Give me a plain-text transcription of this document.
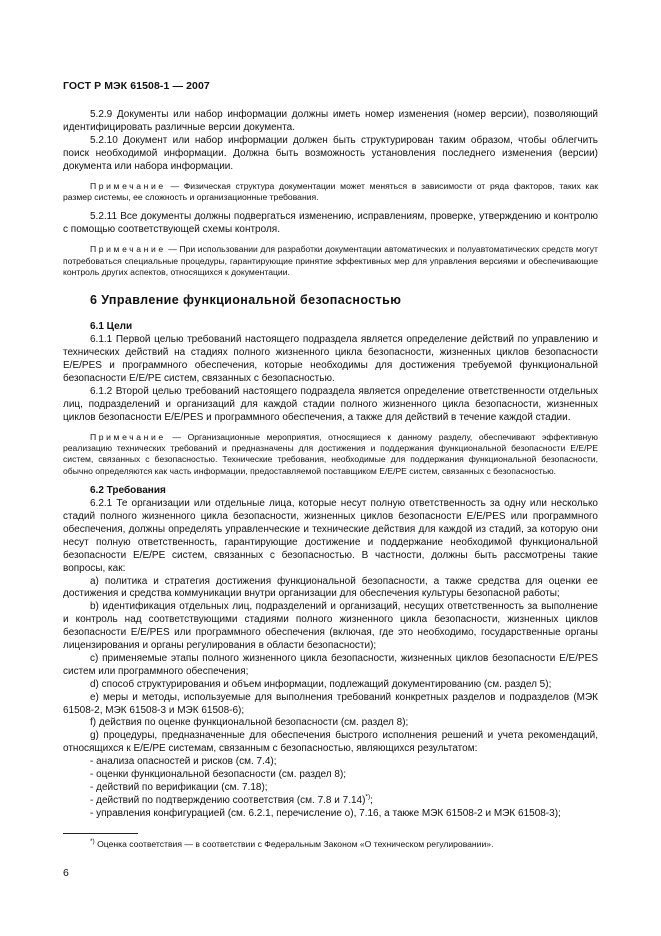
ГОСТ Р МЭК 61508-1 — 2007

5.2.9 Документы или набор информации должны иметь номер изменения (номер версии), позволяющий идентифицировать различные версии документа.

5.2.10 Документ или набор информации должен быть структурирован таким образом, чтобы облегчить поиск необходимой информации. Должна быть возможность установления последнего изменения (версии) документа или набора информации.

Примечание — Физическая структура документации может меняться в зависимости от ряда факторов, таких как размер системы, ее сложность и организационные требования.

5.2.11 Все документы должны подвергаться изменению, исправлениям, проверке, утверждению и контролю с помощью соответствующей схемы контроля.

Примечание — При использовании для разработки документации автоматических и полуавтоматических средств могут потребоваться специальные процедуры, гарантирующие принятие эффективных мер для управления версиями и обеспечивающие контроль других аспектов, относящихся к документации.

6 Управление функциональной безопасностью

6.1 Цели

6.1.1 Первой целью требований настоящего подраздела является определение действий по управлению и технических действий на стадиях полного жизненного цикла безопасности, жизненных циклов безопасности E/E/PES и программного обеспечения, которые необходимы для достижения требуемой функциональной безопасности E/E/PE систем, связанных с безопасностью.

6.1.2 Второй целью требований настоящего подраздела является определение ответственности отдельных лиц, подразделений и организаций для каждой стадии полного жизненного цикла безопасности, жизненных циклов безопасности E/E/PES и программного обеспечения, а также для действий в течение каждой стадии.

Примечание — Организационные мероприятия, относящиеся к данному разделу, обеспечивают эффективную реализацию технических требований и предназначены для достижения и поддержания функциональной безопасности E/E/PE систем, связанных с безопасностью. Технические требования, необходимые для поддержания функциональной безопасности, обычно определяются как часть информации, предоставляемой поставщиком E/E/PE систем, связанных с безопасностью.

6.2 Требования

6.2.1 Те организации или отдельные лица, которые несут полную ответственность за одну или несколько стадий полного жизненного цикла безопасности, жизненных циклов безопасности E/E/PES или программного обеспечения, должны определять управленческие и технические действия для каждой из стадий, за которую они несут полную ответственность, гарантирующие достижение и поддержание необходимой функциональной безопасности E/E/PE систем, связанных с безопасностью. В частности, должны быть рассмотрены такие вопросы, как:

a) политика и стратегия достижения функциональной безопасности, а также средства для оценки ее достижения и средства коммуникации внутри организации для обеспечения культуры безопасной работы;

b) идентификация отдельных лиц, подразделений и организаций, несущих ответственность за выполнение и контроль над соответствующими стадиями полного жизненного цикла безопасности, жизненных циклов безопасности E/E/PES или программного обеспечения (включая, где это необходимо, государственные органы лицензирования и органы регулирования в области безопасности);

c) применяемые этапы полного жизненного цикла безопасности, жизненных циклов безопасности E/E/PES систем или программного обеспечения;

d) способ структурирования и объем информации, подлежащий документированию (см. раздел 5);

e) меры и методы, используемые для выполнения требований конкретных разделов и подразделов (МЭК 61508-2, МЭК 61508-3 и МЭК 61508-6);

f) действия по оценке функциональной безопасности (см. раздел 8);

g) процедуры, предназначенные для обеспечения быстрого исполнения решений и учета рекомендаций, относящихся к E/E/PE системам, связанным с безопасностью, являющихся результатом:

- анализа опасностей и рисков (см. 7.4);

- оценки функциональной безопасности (см. раздел 8);

- действий по верификации (см. 7.18);

- действий по подтверждению соответствия (см. 7.8 и 7.14)*);

- управления конфигурацией (см. 6.2.1, перечисление о), 7.16, а также МЭК 61508-2 и МЭК 61508-3);

*) Оценка соответствия — в соответствии с Федеральным Законом «О техническом регулировании».
6
